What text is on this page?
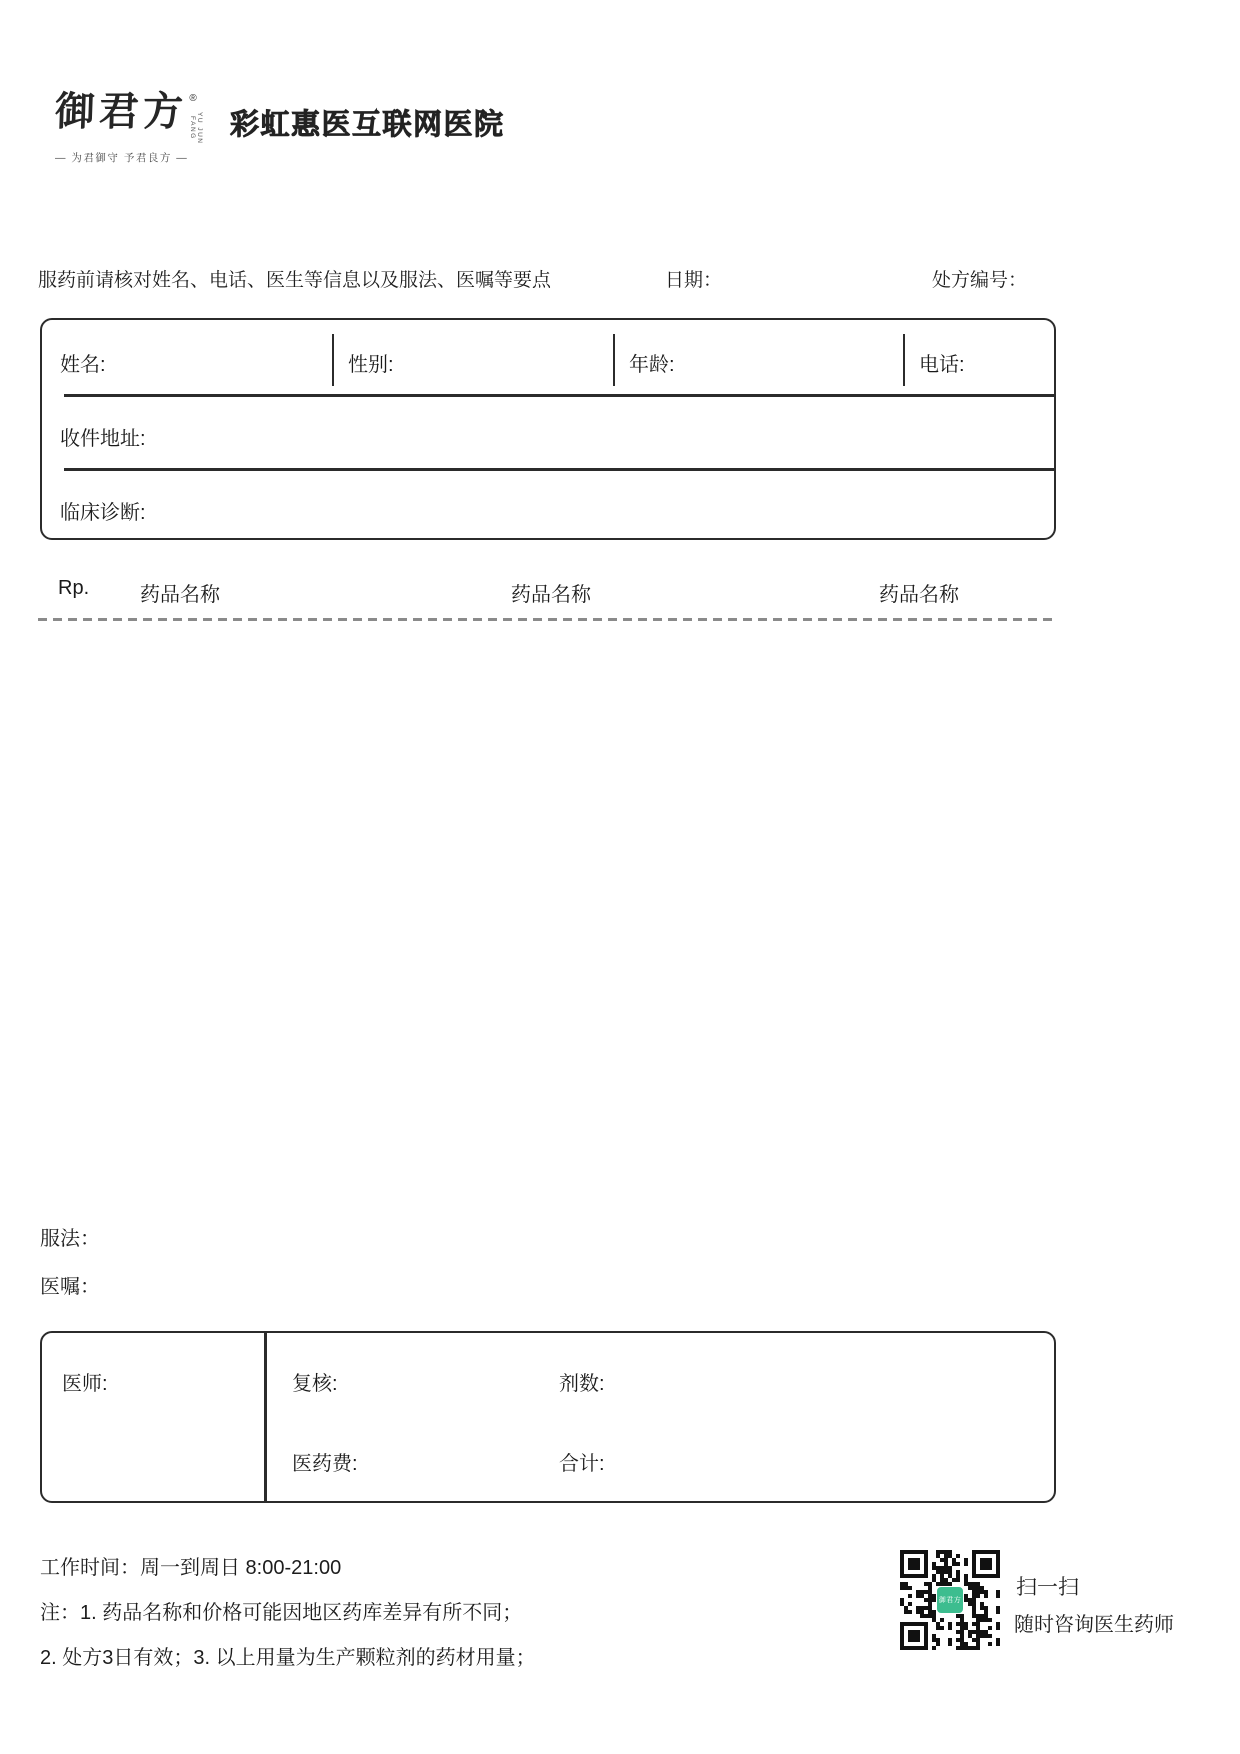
御君方 ®
YU JUN FANG
— 为君御守 予君良方 —
彩虹惠医互联网医院
服药前请核对姓名、电话、医生等信息以及服法、医嘱等要点	日期：	处方编号：
姓名:	性别:	年龄:	电话:
收件地址:
临床诊断:
Rp.	药品名称	药品名称	药品名称
服法：
医嘱：
医师:	复核:	剂数:
医药费:	合计:
工作时间：周一到周日 8:00-21:00
注：1. 药品名称和价格可能因地区药库差异有所不同；
2. 处方3日有效；3. 以上用量为生产颗粒剂的药材用量；
御君方
扫一扫
随时咨询医生药师
